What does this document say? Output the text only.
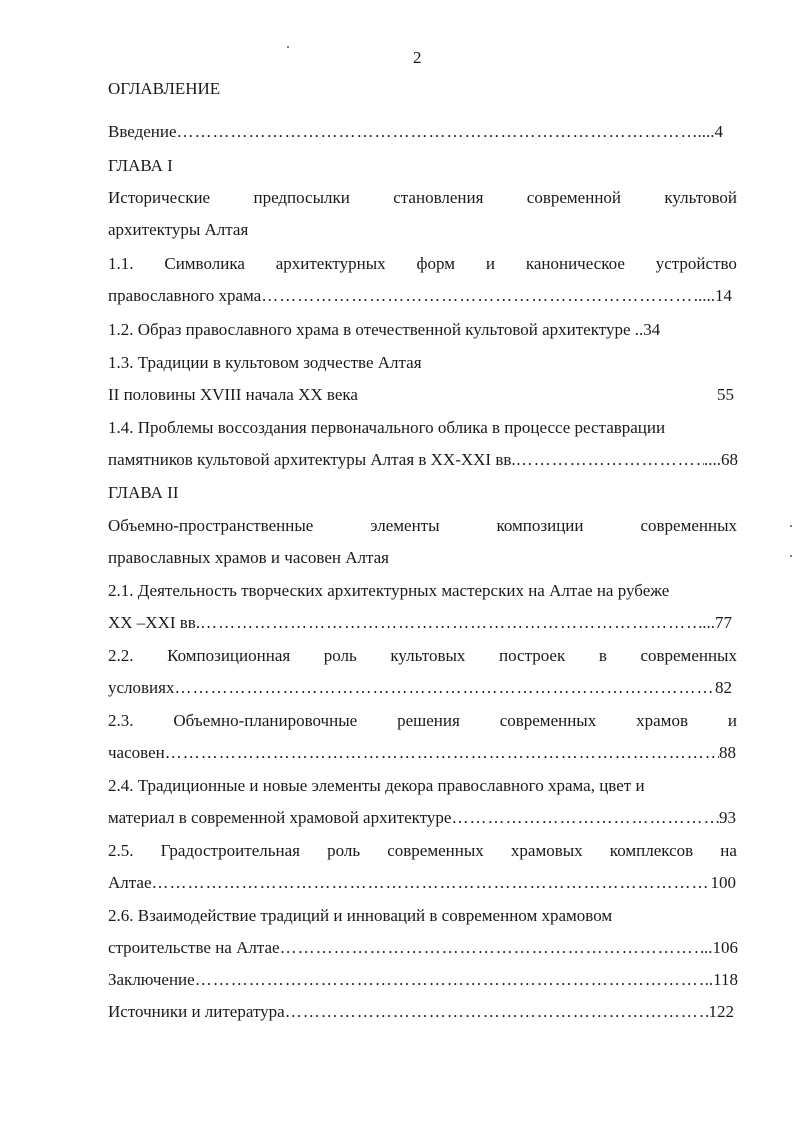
2
ОГЛАВЛЕНИЕ
Введение ……………………………………………………………………………………………………………………………………………………………………………………	....4
ГЛАВА I
Исторические	предпосылки	становления	современной	культовой
архитектуры Алтая
1.1. Символика архитектурных форм и каноническое устройство
православного храма ……………………………………………………………………………………………………………………………………………………………………………………	.....14
1.2. Образ православного храма в отечественной культовой архитектуре ..34
1.3. Традиции в культовом зодчестве Алтая
II половины XVIII начала XX века	55
1.4. Проблемы воссоздания первоначального облика в процессе реставрации
памятников культовой архитектуры Алтая в XX-XXI вв. ……………………………………………………………………………………………………………………………………………………………………………………	....68
ГЛАВА II
Объемно-пространственные	элементы	композиции	современных
православных храмов и часовен Алтая
2.1. Деятельность творческих архитектурных мастерских на Алтае на рубеже
XX –XXI вв. ……………………………………………………………………………………………………………………………………………………………………………………	...77
2.2. Композиционная роль культовых построек в современных
условиях ……………………………………………………………………………………………………………………………………………………………………………………	82
2.3. Объемно-планировочные решения современных храмов и
часовен ……………………………………………………………………………………………………………………………………………………………………………………	88
2.4. Традиционные и новые элементы декора православного храма, цвет и
материал в современной храмовой архитектуре ……………………………………………………………………………………………………………………………………………………………………………………	93
2.5. Градостроительная роль современных храмовых комплексов на
Алтае ……………………………………………………………………………………………………………………………………………………………………………………	100
2.6. Взаимодействие традиций и инноваций в современном храмовом
строительстве на Алтае ……………………………………………………………………………………………………………………………………………………………………………………	..106
Заключение ……………………………………………………………………………………………………………………………………………………………………………………	..118
Источники и литература ……………………………………………………………………………………………………………………………………………………………………………………	122
